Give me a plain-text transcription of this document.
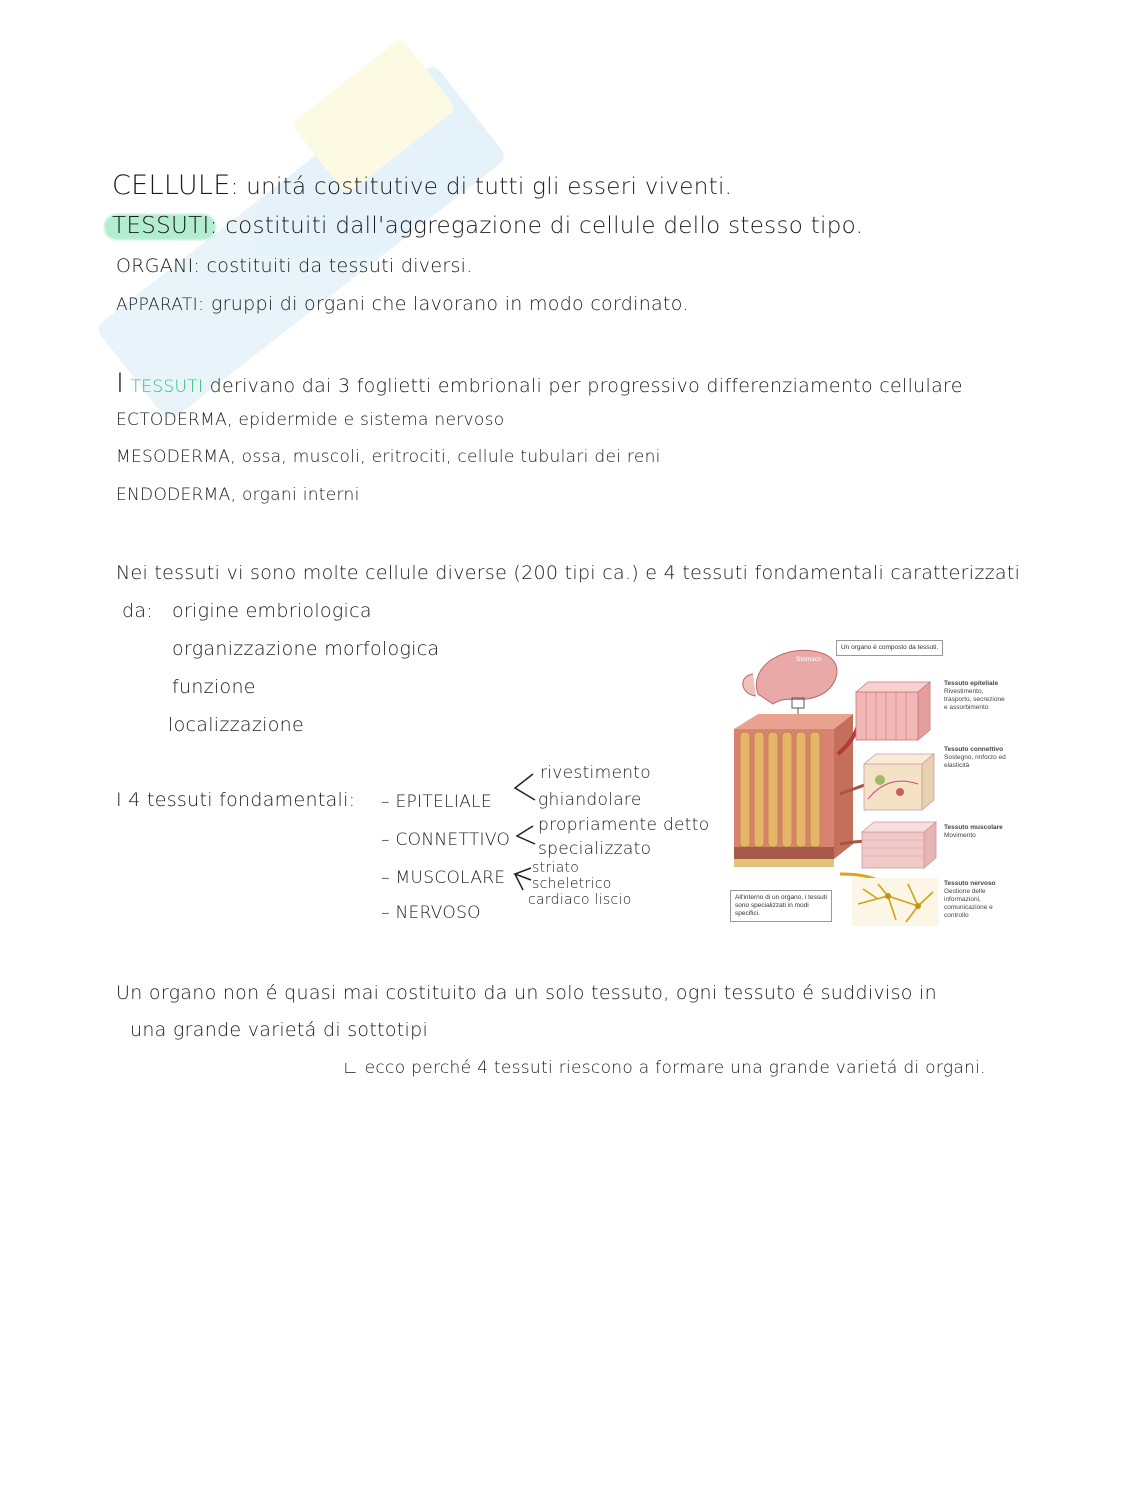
CELLULE: unitá costitutive di tutti gli esseri viventi.
TESSUTI: costituiti dall'aggregazione di cellule dello stesso tipo.
ORGANI: costituiti da tessuti diversi.
APPARATI: gruppi di organi che lavorano in modo cordinato.
I TESSUTI derivano dai 3 foglietti embrionali per progressivo differenziamento cellulare
ECTODERMA, epidermide e sistema nervoso
MESODERMA, ossa, muscoli, eritrociti, cellule tubulari dei reni
ENDODERMA, organi interni
Nei tessuti vi sono molte cellule diverse (200 tipi ca.) e 4 tessuti fondamentali caratterizzati
da: origine embriologica
organizzazione morfologica
funzione
localizzazione
I 4 tessuti fondamentali: – EPITELIALE
– CONNETTIVO
– MUSCOLARE
– NERVOSO
rivestimento
ghiandolare
propriamente detto
specializzato
striato
scheletrico
cardiaco liscio
Un organo è composto da tessuti.
Stomaco
All'interno di un organo, i tessuti sono specializzati in modi specifici.
Tessuto epiteliale

Rivestimento, trasporto, secrezione e assorbimento
Tessuto connettivo

Sostegno, rinforzo ed elasticità
Tessuto muscolare
Movimento
Tessuto nervoso

Gestione delle informazioni, comunicazione e controllo
Un organo non é quasi mai costituito da un solo tessuto, ogni tessuto é suddiviso in
una grande varietá di sottotipi
∟ ecco perché 4 tessuti riescono a formare una grande varietá di organi.
